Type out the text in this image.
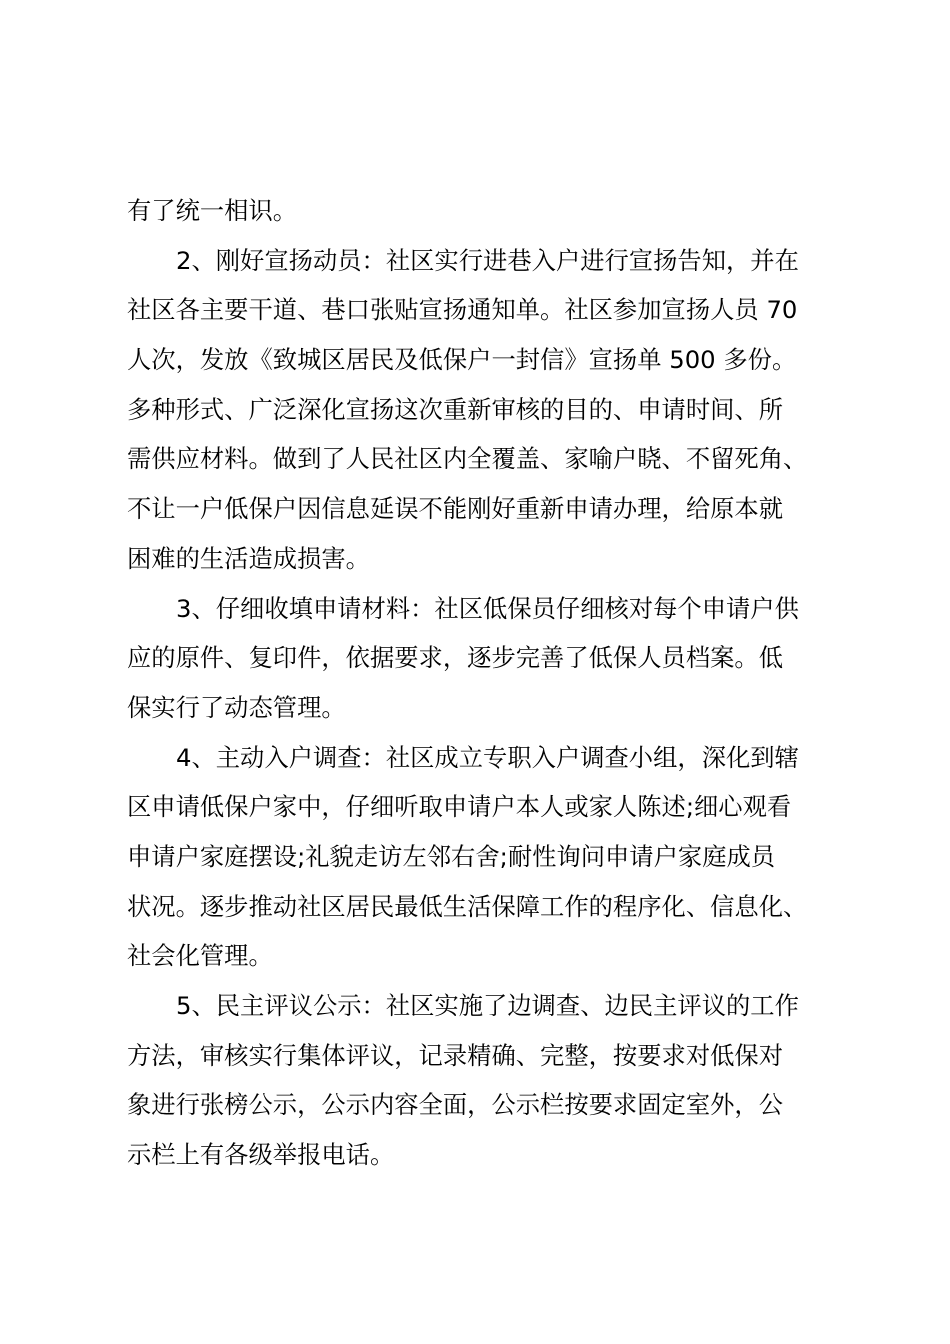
有了统一相识。
2、刚好宣扬动员：社区实行进巷入户进行宣扬告知，并在
社区各主要干道、巷口张贴宣扬通知单。社区参加宣扬人员 70
人次，发放《致城区居民及低保户一封信》宣扬单 500 多份。
多种形式、广泛深化宣扬这次重新审核的目的、申请时间、所
需供应材料。做到了人民社区内全覆盖、家喻户晓、不留死角、
不让一户低保户因信息延误不能刚好重新申请办理，给原本就
困难的生活造成损害。
3、仔细收填申请材料：社区低保员仔细核对每个申请户供
应的原件、复印件，依据要求，逐步完善了低保人员档案。低
保实行了动态管理。
4、主动入户调查：社区成立专职入户调查小组，深化到辖
区申请低保户家中，仔细听取申请户本人或家人陈述;细心观看
申请户家庭摆设;礼貌走访左邻右舍;耐性询问申请户家庭成员
状况。逐步推动社区居民最低生活保障工作的程序化、信息化、
社会化管理。
5、民主评议公示：社区实施了边调查、边民主评议的工作
方法，审核实行集体评议，记录精确、完整，按要求对低保对
象进行张榜公示，公示内容全面，公示栏按要求固定室外，公
示栏上有各级举报电话。
